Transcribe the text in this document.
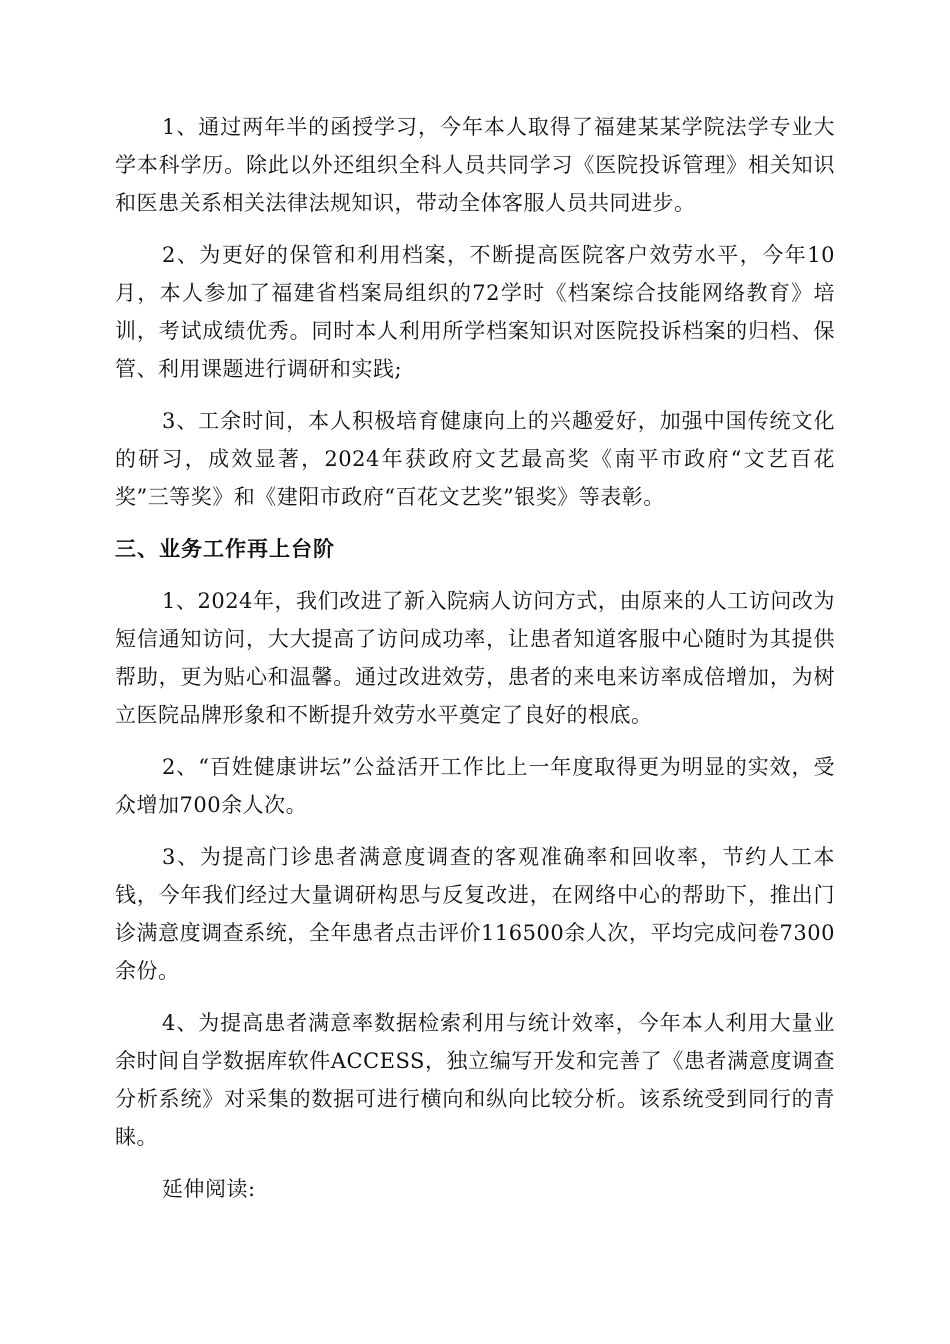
1、通过两年半的函授学习，今年本人取得了福建某某学院法学专业大学本科学历。除此以外还组织全科人员共同学习《医院投诉管理》相关知识和医患关系相关法律法规知识，带动全体客服人员共同进步。

2、为更好的保管和利用档案，不断提高医院客户效劳水平，今年10月，本人参加了福建省档案局组织的72学时《档案综合技能网络教育》培训，考试成绩优秀。同时本人利用所学档案知识对医院投诉档案的归档、保管、利用课题进行调研和实践;

3、工余时间，本人积极培育健康向上的兴趣爱好，加强中国传统文化的研习，成效显著，2024年获政府文艺最高奖《南平市政府“文艺百花奖”三等奖》和《建阳市政府“百花文艺奖”银奖》等表彰。

三、业务工作再上台阶

1、2024年，我们改进了新入院病人访问方式，由原来的人工访问改为短信通知访问，大大提高了访问成功率，让患者知道客服中心随时为其提供帮助，更为贴心和温馨。通过改进效劳，患者的来电来访率成倍增加，为树立医院品牌形象和不断提升效劳水平奠定了良好的根底。

2、“百姓健康讲坛”公益活开工作比上一年度取得更为明显的实效，受众增加700余人次。

3、为提高门诊患者满意度调查的客观准确率和回收率，节约人工本钱，今年我们经过大量调研构思与反复改进，在网络中心的帮助下，推出门诊满意度调查系统，全年患者点击评价116500余人次，平均完成问卷7300余份。

4、为提高患者满意率数据检索利用与统计效率，今年本人利用大量业余时间自学数据库软件ACCESS，独立编写开发和完善了《患者满意度调查分析系统》对采集的数据可进行横向和纵向比较分析。该系统受到同行的青睐。

延伸阅读:
